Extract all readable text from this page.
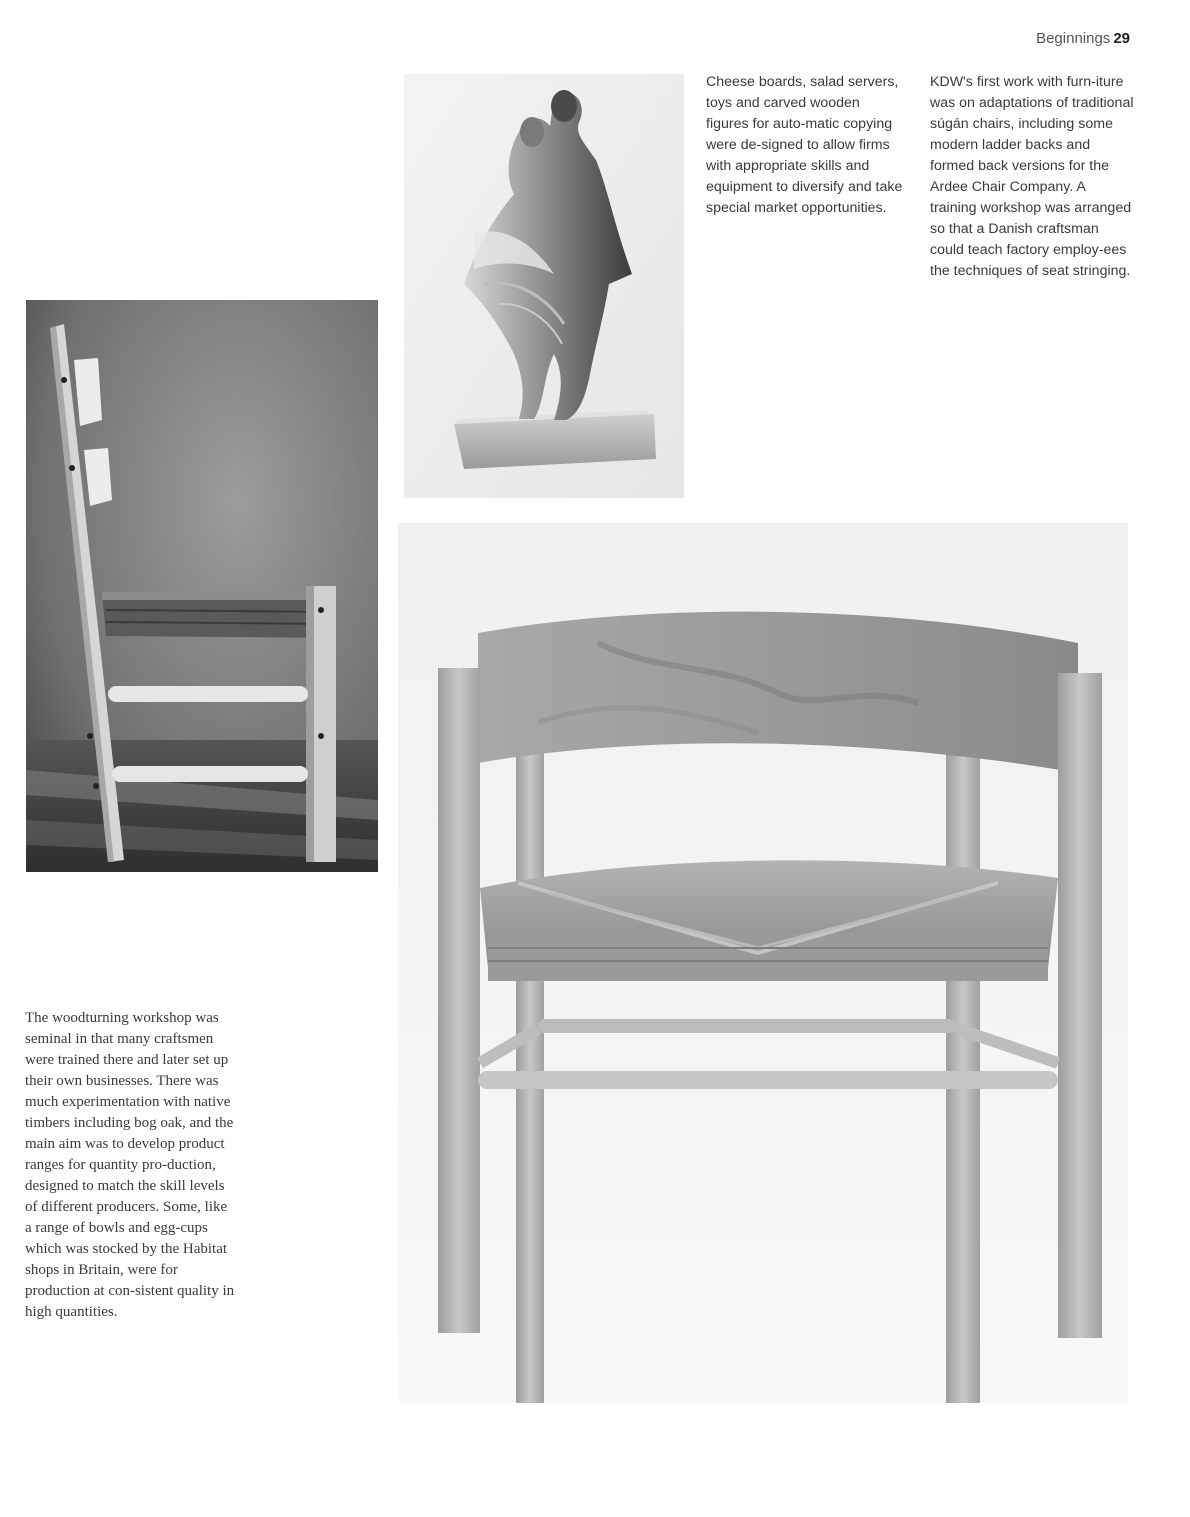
Beginnings 29
Cheese boards, salad servers, toys and carved wooden figures for auto-matic copying were de-signed to allow firms with appropriate skills and equipment to diversify and take special market opportunities.
KDW's first work with furn-iture was on adaptations of traditional súgán chairs, including some modern ladder backs and formed back versions for the Ardee Chair Company. A training workshop was arranged so that a Danish craftsman could teach factory employ-ees the techniques of seat stringing.
The woodturning workshop was seminal in that many craftsmen were trained there and later set up their own businesses. There was much experimentation with native timbers including bog oak, and the main aim was to develop product ranges for quantity pro-duction, designed to match the skill levels of different producers. Some, like a range of bowls and egg-cups which was stocked by the Habitat shops in Britain, were for production at con-sistent quality in high quantities.
